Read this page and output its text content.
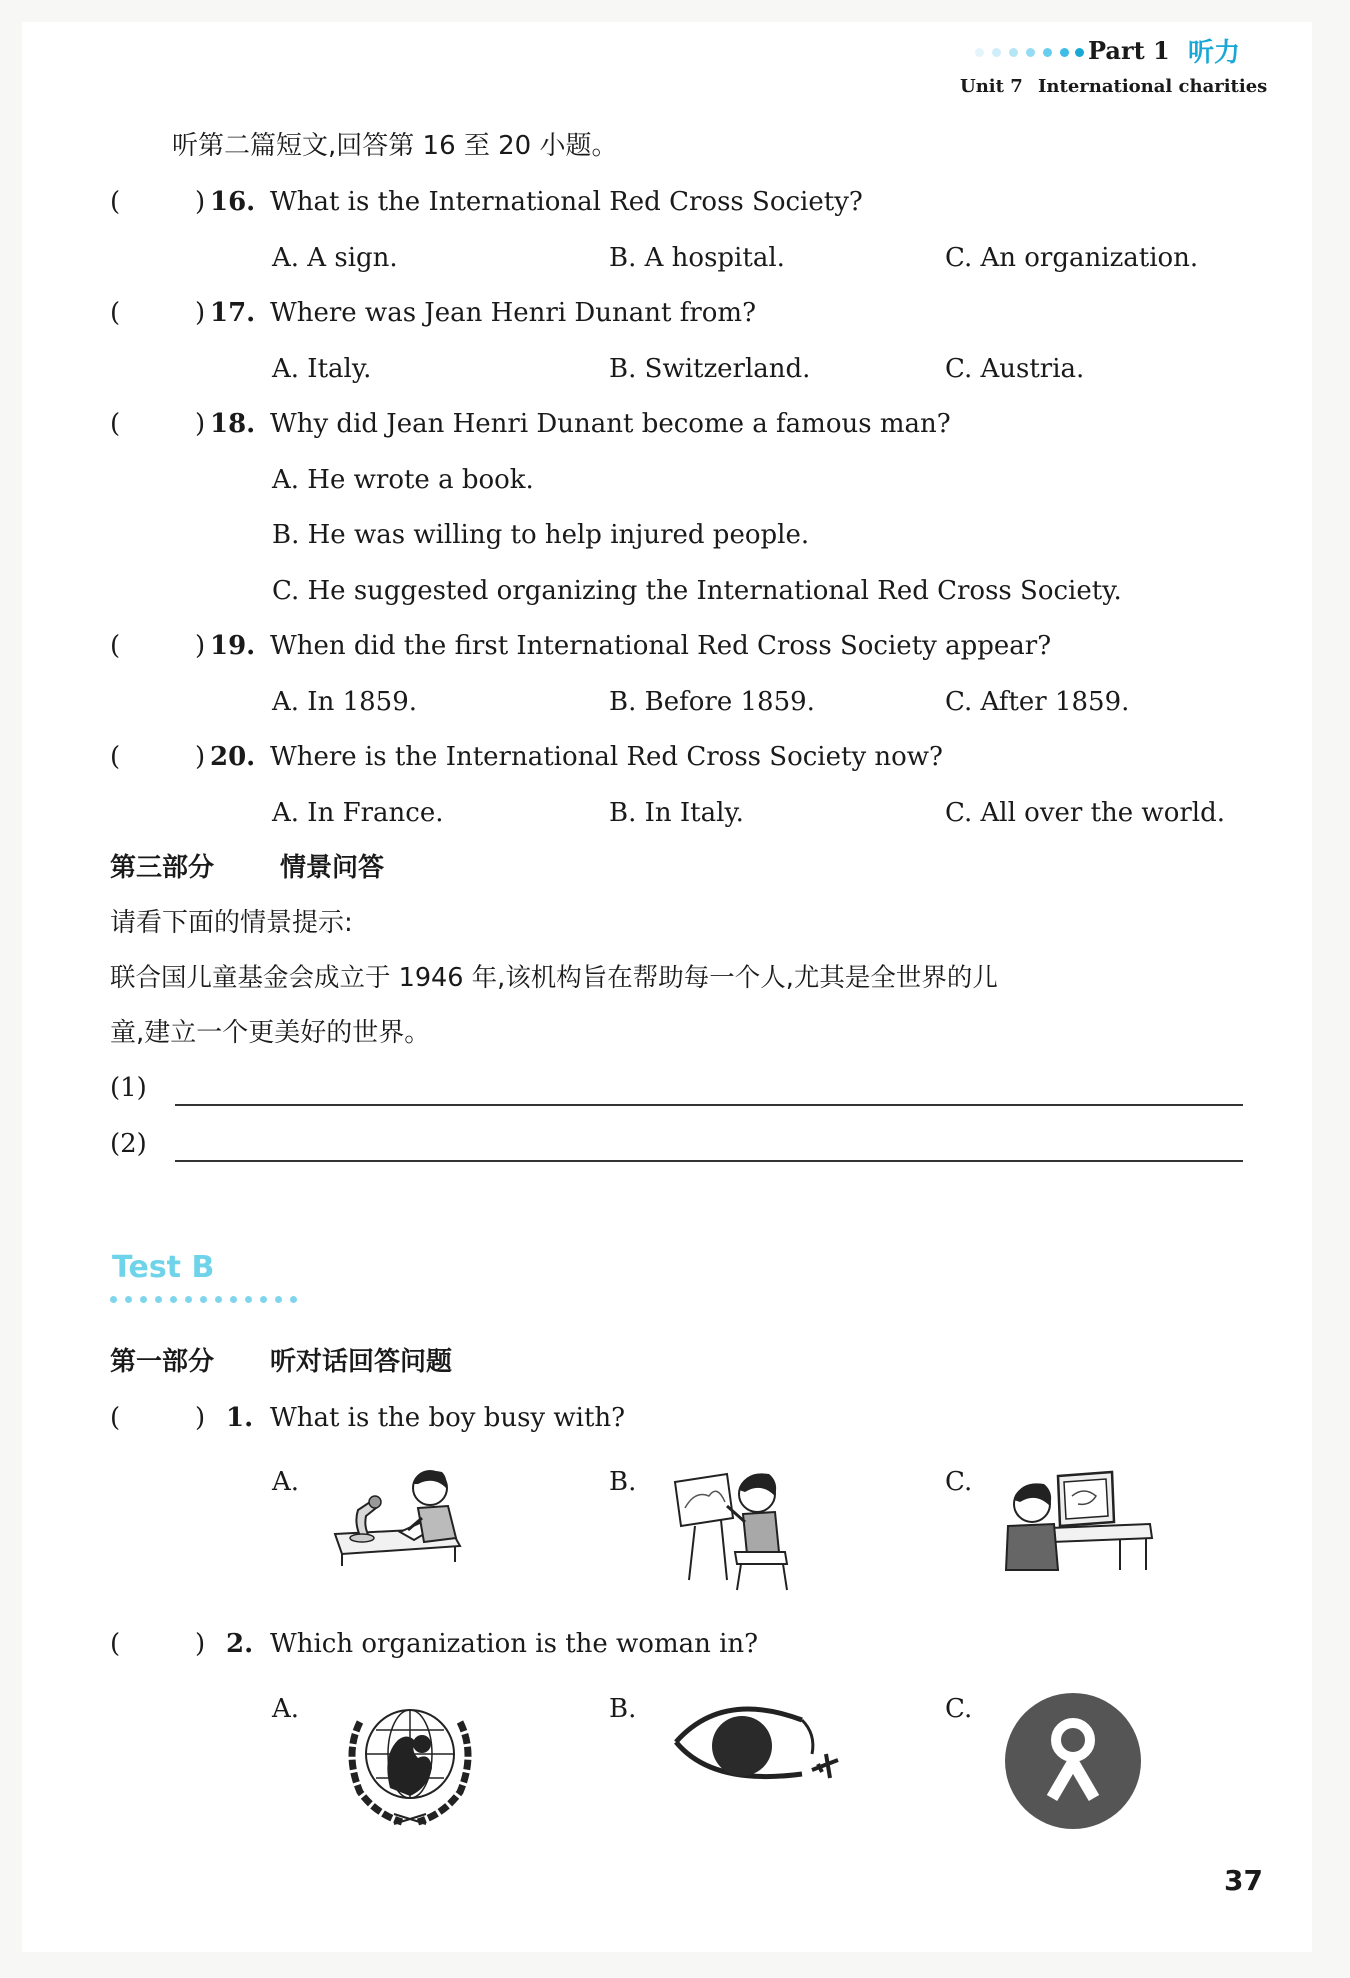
Part 1 听力
Unit 7 International charities
听第二篇短文,回答第 16 至 20 小题。
(	) 16. What is the International Red Cross Society?
A. A sign.	B. A hospital.	C. An organization.
(	) 17. Where was Jean Henri Dunant from?
A. Italy.	B. Switzerland.	C. Austria.
(	) 18. Why did Jean Henri Dunant become a famous man?
A. He wrote a book.
B. He was willing to help injured people.
C. He suggested organizing the International Red Cross Society.
(	) 19. When did the first International Red Cross Society appear?
A. In 1859.	B. Before 1859.	C. After 1859.
(	) 20. Where is the International Red Cross Society now?
A. In France.	B. In Italy.	C. All over the world.
第三部分	情景问答
请看下面的情景提示:
联合国儿童基金会成立于 1946 年,该机构旨在帮助每一个人,尤其是全世界的儿
童,建立一个更美好的世界。
(1)
(2)
Test B
第一部分 听对话回答问题
(	) 1. What is the boy busy with?
A.	B.	C.
(	) 2. Which organization is the woman in?
A.	B.	C.
37
